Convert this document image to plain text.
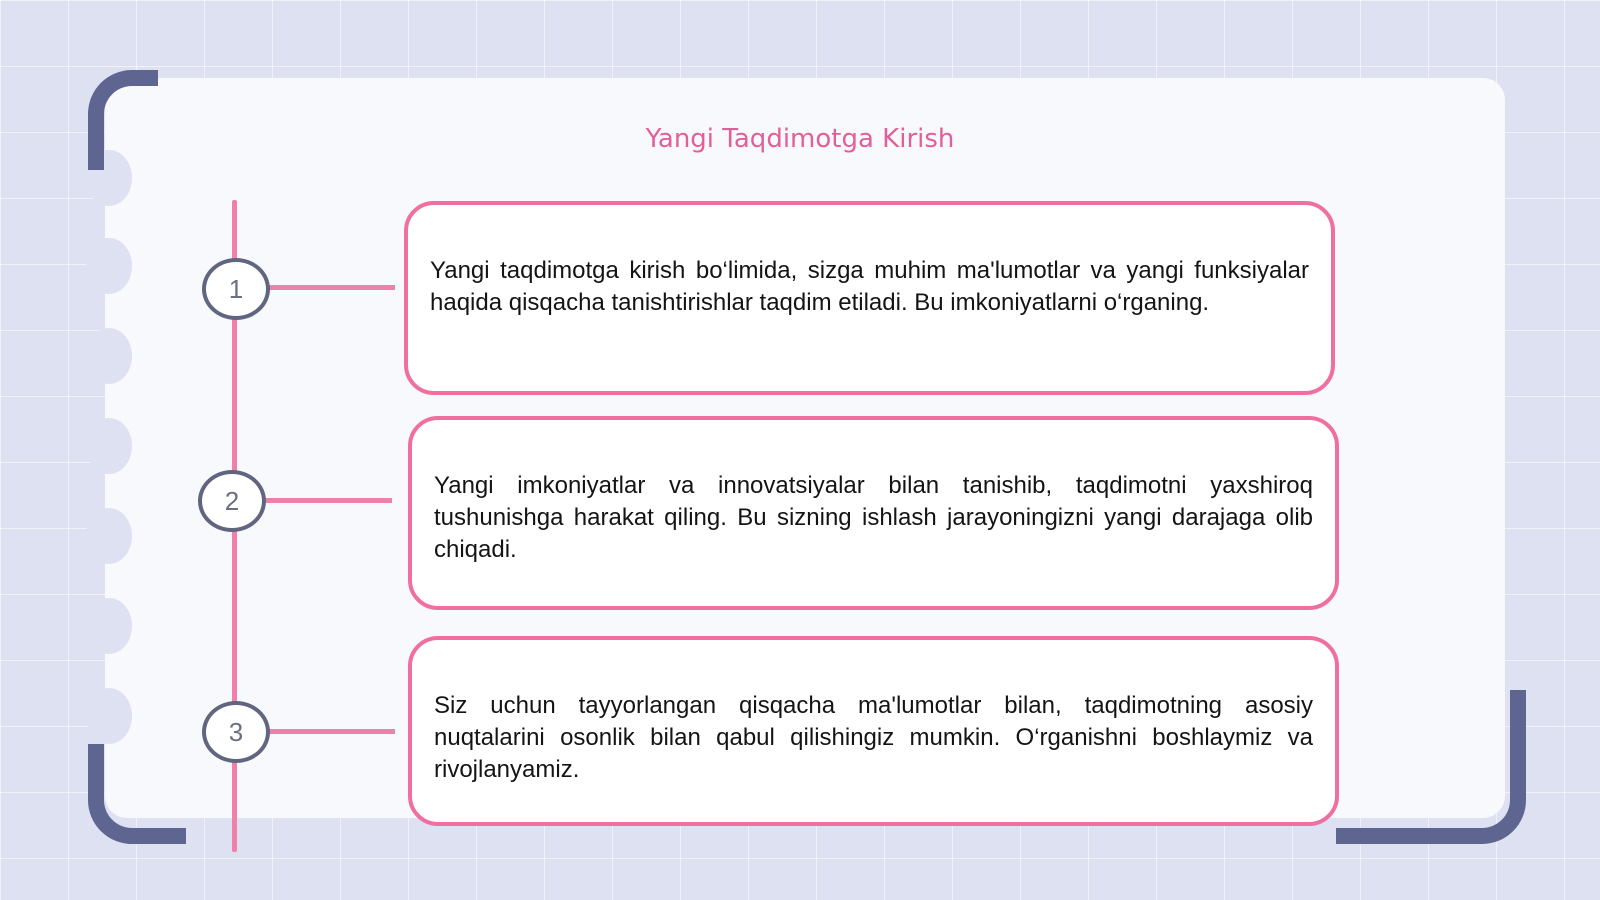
Yangi Taqdimotga Kirish
1
2
3

Yangi taqdimotga kirish bo‘limida, sizga muhim ma'lumotlar va yangi funksiyalar haqida qisqacha tanishtirishlar taqdim etiladi. Bu imkoniyatlarni o‘rganing.

Yangi imkoniyatlar va innovatsiyalar bilan tanishib, taqdimotni yaxshiroq tushunishga harakat qiling. Bu sizning ishlash jarayoningizni yangi darajaga olib chiqadi.

Siz uchun tayyorlangan qisqacha ma'lumotlar bilan, taqdimotning asosiy nuqtalarini osonlik bilan qabul qilishingiz mumkin. O‘rganishni boshlaymiz va rivojlanyamiz.
